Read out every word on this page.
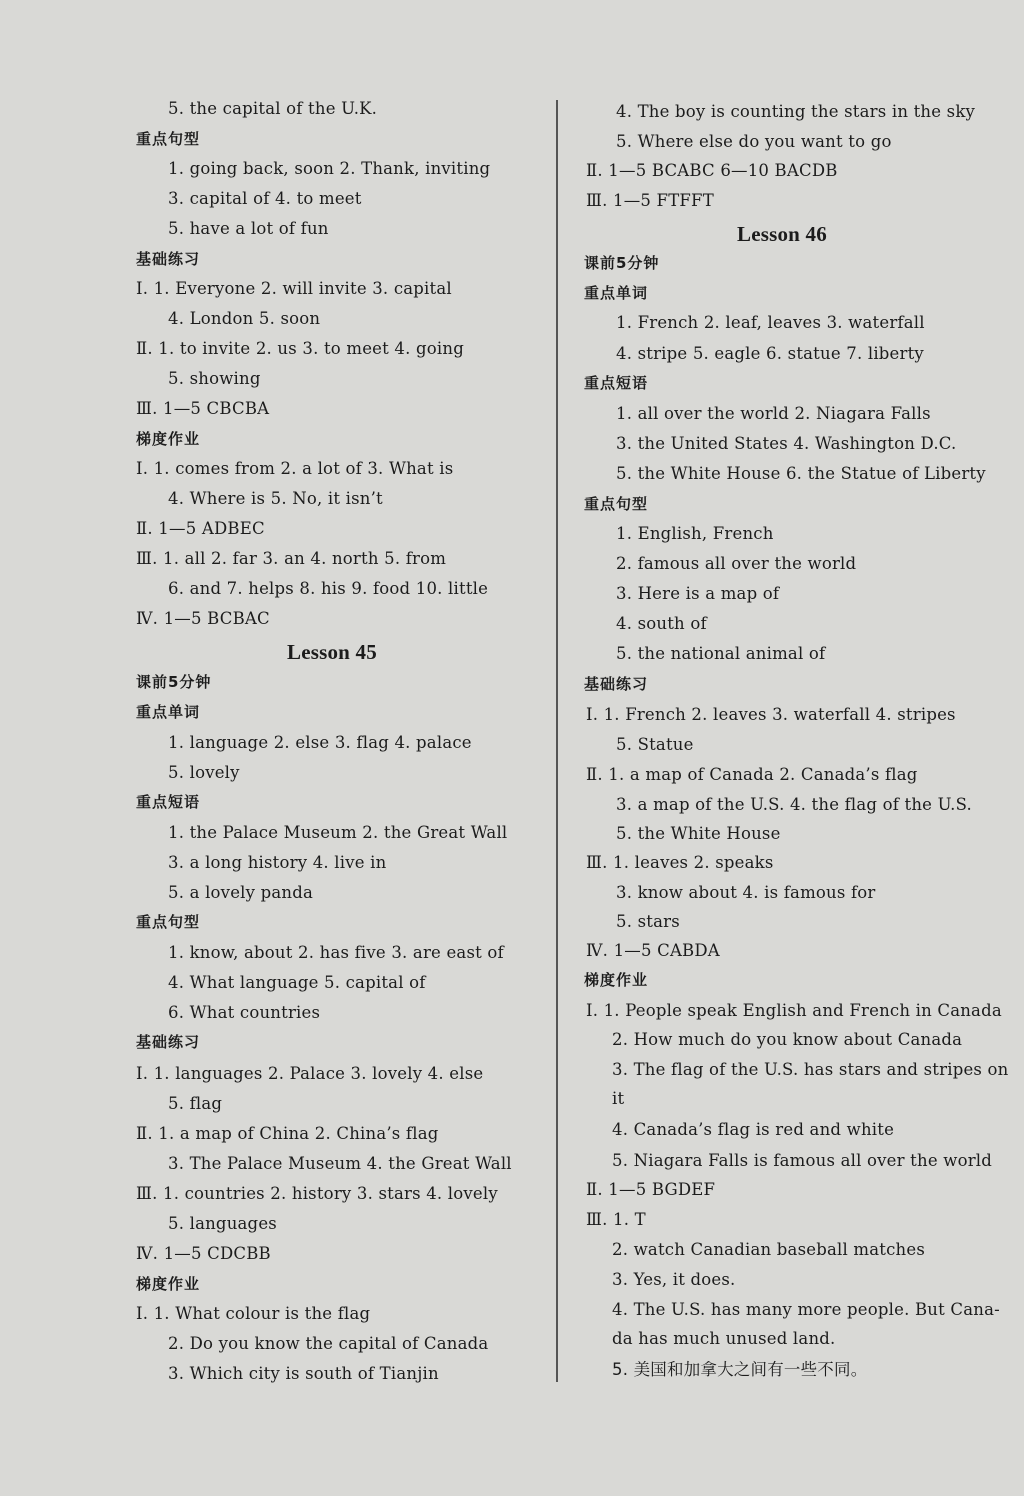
5. the capital of the U.K.
重点句型
1. going back, soon 2. Thank, inviting
3. capital of 4. to meet
5. have a lot of fun
基础练习
Ⅰ. 1. Everyone 2. will invite 3. capital
4. London 5. soon
Ⅱ. 1. to invite 2. us 3. to meet 4. going
5. showing
Ⅲ. 1—5 CBCBA
梯度作业
Ⅰ. 1. comes from 2. a lot of 3. What is
4. Where is 5. No, it isn’t
Ⅱ. 1—5 ADBEC
Ⅲ. 1. all 2. far 3. an 4. north 5. from
6. and 7. helps 8. his 9. food 10. little
Ⅳ. 1—5 BCBAC
Lesson 45
课前5分钟
重点单词
1. language 2. else 3. flag 4. palace
5. lovely
重点短语
1. the Palace Museum 2. the Great Wall
3. a long history 4. live in
5. a lovely panda
重点句型
1. know, about 2. has five 3. are east of
4. What language 5. capital of
6. What countries
基础练习
Ⅰ. 1. languages 2. Palace 3. lovely 4. else
5. flag
Ⅱ. 1. a map of China 2. China’s flag
3. The Palace Museum 4. the Great Wall
Ⅲ. 1. countries 2. history 3. stars 4. lovely
5. languages
Ⅳ. 1—5 CDCBB
梯度作业
Ⅰ. 1. What colour is the flag
2. Do you know the capital of Canada
3. Which city is south of Tianjin
4. The boy is counting the stars in the sky
5. Where else do you want to go
Ⅱ. 1—5 BCABC 6—10 BACDB
Ⅲ. 1—5 FTFFT
Lesson 46
课前5分钟
重点单词
1. French 2. leaf, leaves 3. waterfall
4. stripe 5. eagle 6. statue 7. liberty
重点短语
1. all over the world 2. Niagara Falls
3. the United States 4. Washington D.C.
5. the White House 6. the Statue of Liberty
重点句型
1. English, French
2. famous all over the world
3. Here is a map of
4. south of
5. the national animal of
基础练习
Ⅰ. 1. French 2. leaves 3. waterfall 4. stripes
5. Statue
Ⅱ. 1. a map of Canada 2. Canada’s flag
3. a map of the U.S. 4. the flag of the U.S.
5. the White House
Ⅲ. 1. leaves 2. speaks
3. know about 4. is famous for
5. stars
Ⅳ. 1—5 CABDA
梯度作业
Ⅰ. 1. People speak English and French in Canada
2. How much do you know about Canada
3. The flag of the U.S. has stars and stripes on
it
4. Canada’s flag is red and white
5. Niagara Falls is famous all over the world
Ⅱ. 1—5 BGDEF
Ⅲ. 1. T
2. watch Canadian baseball matches
3. Yes, it does.
4. The U.S. has many more people. But Cana-
da has much unused land.
5. 美国和加拿大之间有一些不同。
